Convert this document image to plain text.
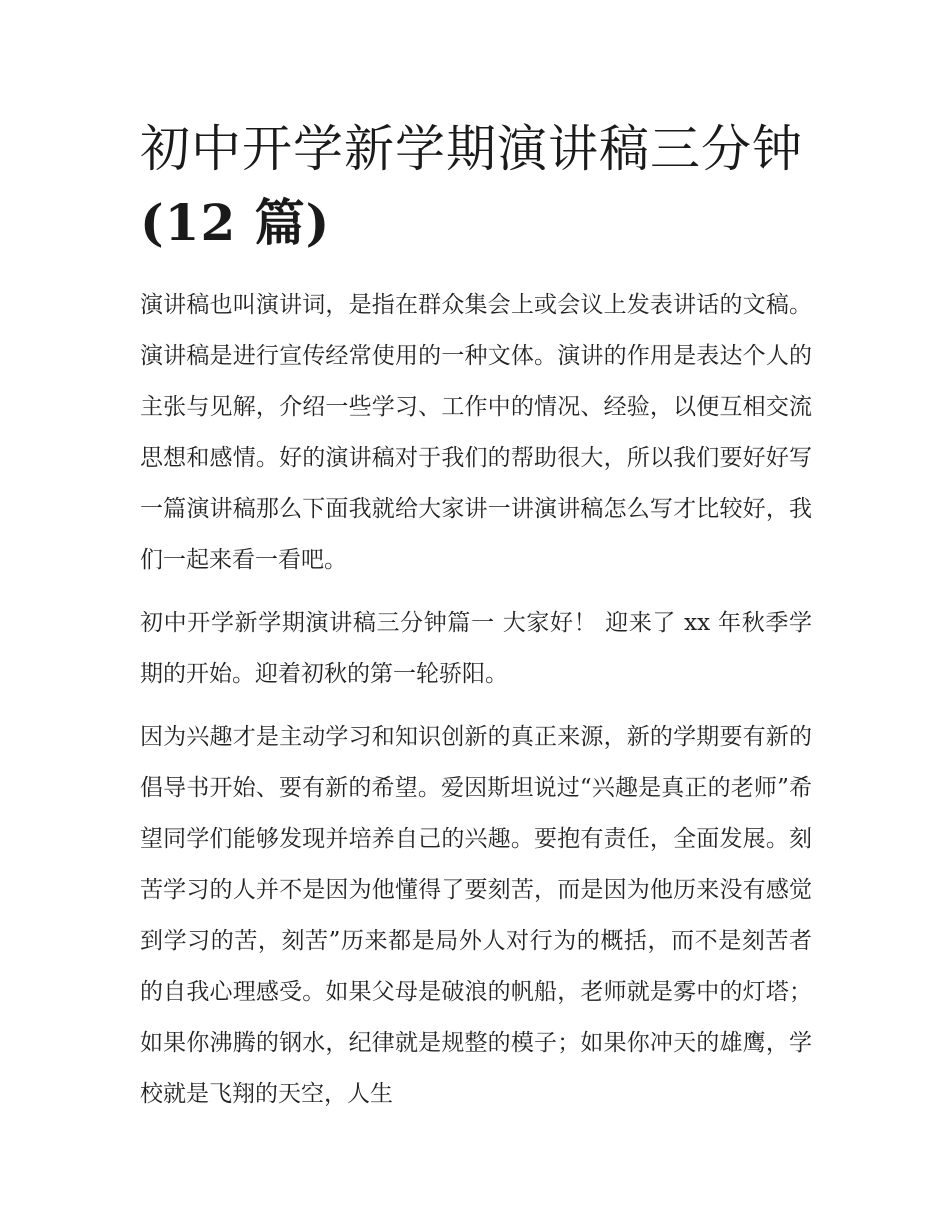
初中开学新学期演讲稿三分钟
(12 篇)

演讲稿也叫演讲词，是指在群众集会上或会议上发表讲话的文稿。演讲稿是进行宣传经常使用的一种文体。演讲的作用是表达个人的主张与见解，介绍一些学习、工作中的情况、经验，以便互相交流思想和感情。好的演讲稿对于我们的帮助很大，所以我们要好好写一篇演讲稿那么下面我就给大家讲一讲演讲稿怎么写才比较好，我们一起来看一看吧。

初中开学新学期演讲稿三分钟篇一 大家好！ 迎来了 xx 年秋季学期的开始。迎着初秋的第一轮骄阳。

因为兴趣才是主动学习和知识创新的真正来源，新的学期要有新的倡导书开始、要有新的希望。爱因斯坦说过“兴趣是真正的老师”希望同学们能够发现并培养自己的兴趣。要抱有责任，全面发展。刻苦学习的人并不是因为他懂得了要刻苦，而是因为他历来没有感觉到学习的苦，刻苦”历来都是局外人对行为的概括，而不是刻苦者的自我心理感受。如果父母是破浪的帆船，老师就是雾中的灯塔；如果你沸腾的钢水，纪律就是规整的模子；如果你冲天的雄鹰，学校就是飞翔的天空，人生
